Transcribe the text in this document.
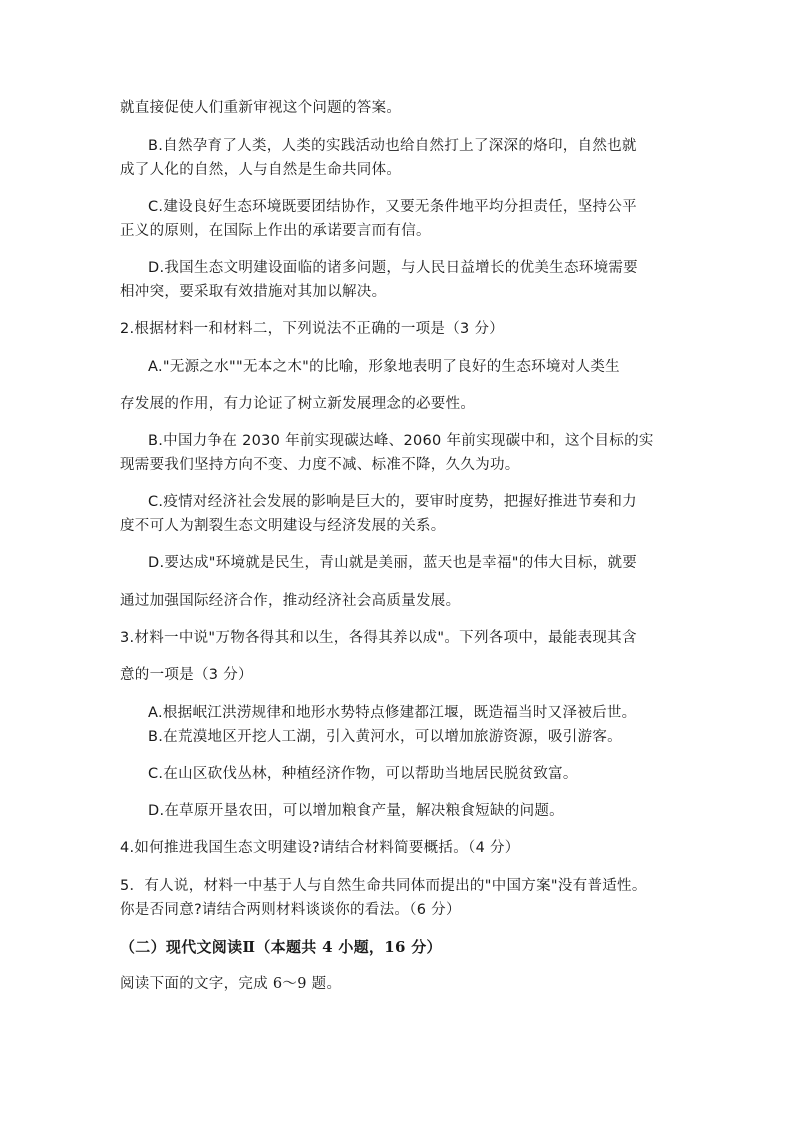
就直接促使人们重新审视这个问题的答案。
B.自然孕育了人类，人类的实践活动也给自然打上了深深的烙印，自然也就
成了人化的自然，人与自然是生命共同体。
C.建设良好生态环境既要团结协作，又要无条件地平均分担责任，坚持公平
正义的原则，在国际上作出的承诺要言而有信。
D.我国生态文明建设面临的诸多问题，与人民日益增长的优美生态环境需要
相冲突，要采取有效措施对其加以解决。
2.根据材料一和材料二，下列说法不正确的一项是（3 分）
A."无源之水""无本之木"的比喻，形象地表明了良好的生态环境对人类生
存发展的作用，有力论证了树立新发展理念的必要性。
B.中国力争在 2030 年前实现碳达峰、2060 年前实现碳中和，这个目标的实
现需要我们坚持方向不变、力度不减、标准不降，久久为功。
C.疫情对经济社会发展的影响是巨大的，要审时度势，把握好推进节奏和力
度不可人为割裂生态文明建设与经济发展的关系。
D.要达成"环境就是民生，青山就是美丽，蓝天也是幸福"的伟大目标，就要
通过加强国际经济合作，推动经济社会高质量发展。
3.材料一中说"万物各得其和以生，各得其养以成"。下列各项中，最能表现其含
意的一项是（3 分）
A.根据岷江洪涝规律和地形水势特点修建都江堰，既造福当时又泽被后世。
B.在荒漠地区开挖人工湖，引入黄河水，可以增加旅游资源，吸引游客。
C.在山区砍伐丛林，种植经济作物，可以帮助当地居民脱贫致富。
D.在草原开垦农田，可以增加粮食产量，解决粮食短缺的问题。
4.如何推进我国生态文明建设?请结合材料简要概括。（4 分）
5．有人说，材料一中基于人与自然生命共同体而提出的"中国方案"没有普适性。
你是否同意?请结合两则材料谈谈你的看法。（6 分）
（二）现代文阅读Ⅱ（本题共 4 小题，16 分）
阅读下面的文字，完成 6～9 题。
